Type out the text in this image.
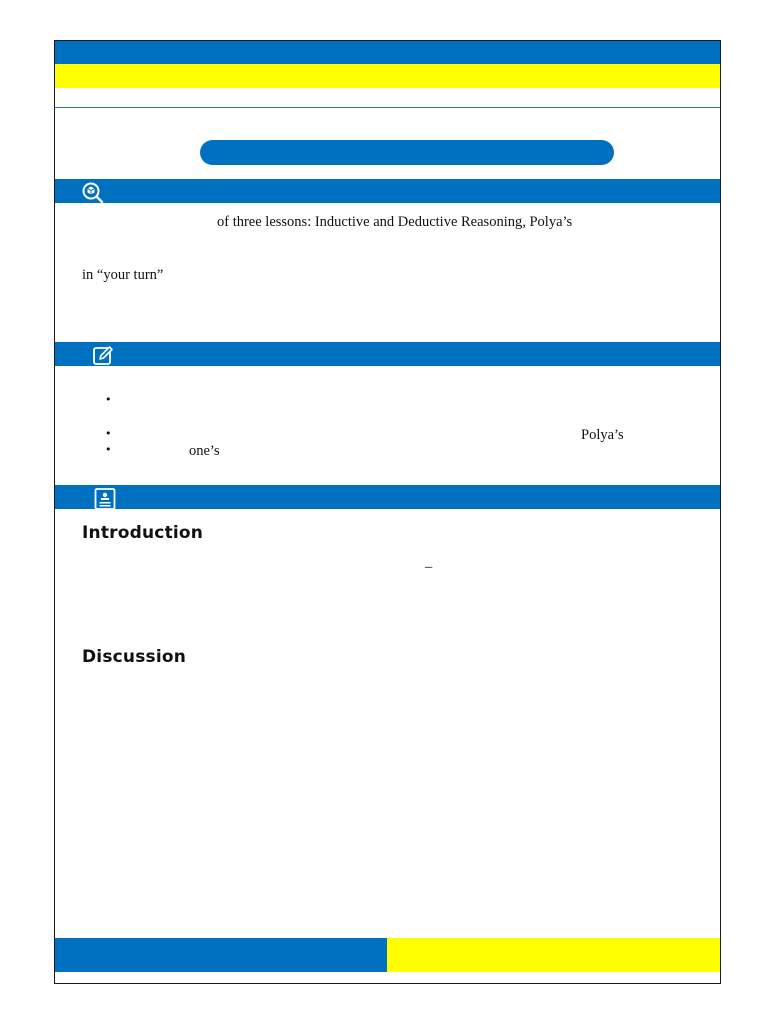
of three lessons: Inductive and Deductive Reasoning, Polya’s
in “your turn”
•
•
•
Polya’s
one’s
Introduction
–
Discussion
